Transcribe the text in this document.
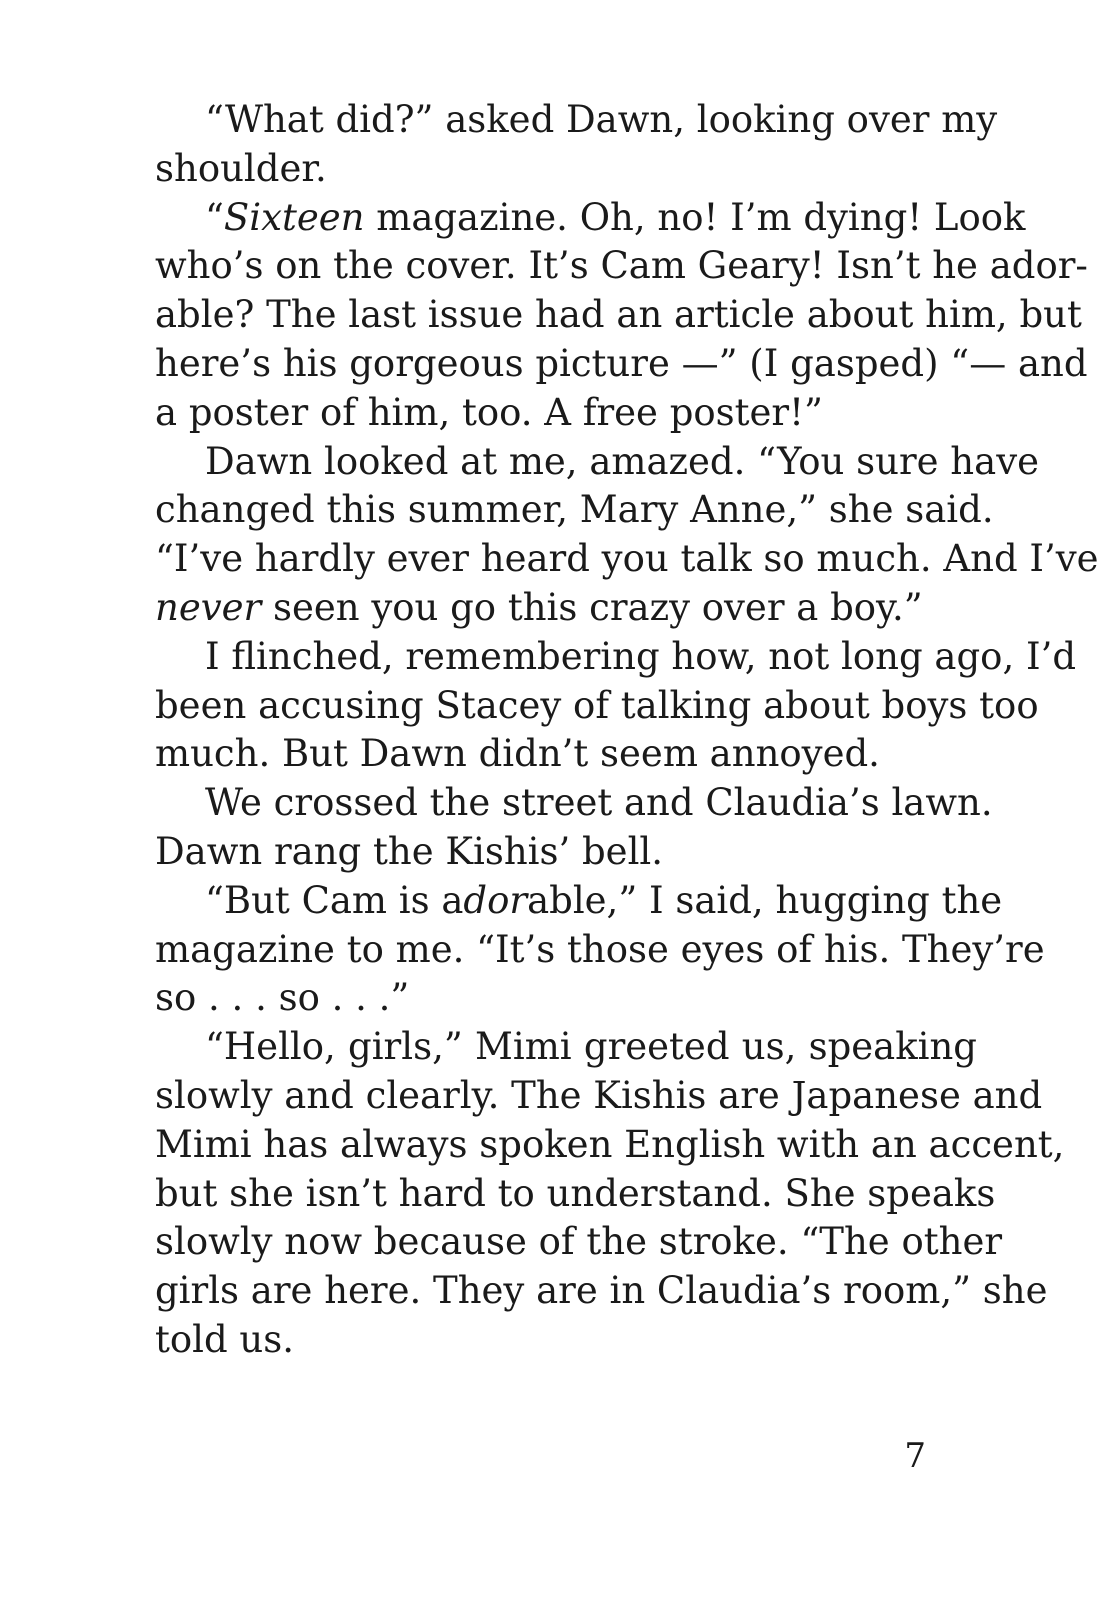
“What did?” asked Dawn, looking over my
shoulder.
“Sixteen magazine. Oh, no! I’m dying! Look
who’s on the cover. It’s Cam Geary! Isn’t he ador-
able? The last issue had an article about him, but
here’s his gorgeous picture —” (I gasped) “— and
a poster of him, too. A free poster!”
Dawn looked at me, amazed. “You sure have
changed this summer, Mary Anne,” she said.
“I’ve hardly ever heard you talk so much. And I’ve
never seen you go this crazy over a boy.”
I flinched, remembering how, not long ago, I’d
been accusing Stacey of talking about boys too
much. But Dawn didn’t seem annoyed.
We crossed the street and Claudia’s lawn.
Dawn rang the Kishis’ bell.
“But Cam is adorable,” I said, hugging the
magazine to me. “It’s those eyes of his. They’re
so . . . so . . .”
“Hello, girls,” Mimi greeted us, speaking
slowly and clearly. The Kishis are Japanese and
Mimi has always spoken English with an accent,
but she isn’t hard to understand. She speaks
slowly now because of the stroke. “The other
girls are here. They are in Claudia’s room,” she
told us.
7
